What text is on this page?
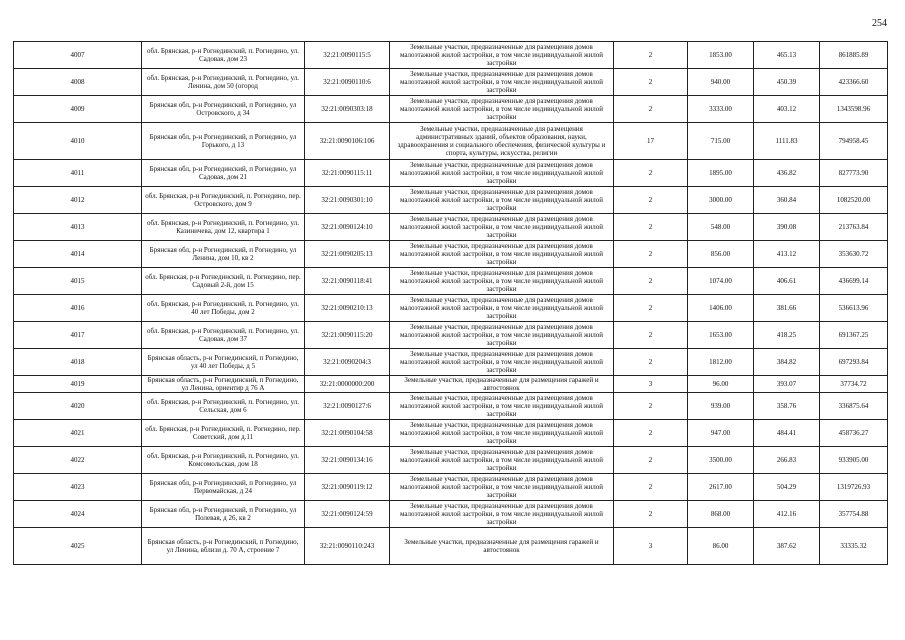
254
4007	обл. Брянская, р-н Рогнединский, п. Рогнедино, ул. Садовая, дом 23	32:21:0090115:5	Земельные участки, предназначенные для размещения домов малоэтажной жилой застройки, в том числе индивидуальной жилой застройки	2	1853.00	465.13	861885.89
4008	обл. Брянская, р-н Рогнединский, п. Рогнедино, ул. Ленина, дом 50 (огород	32:21:0090110:6	Земельные участки, предназначенные для размещения домов малоэтажной жилой застройки, в том числе индивидуальной жилой застройки	2	940.00	450.39	423366.60
4009	Брянская обл, р-н Рогнединский, п Рогнедино, ул Островского, д 34	32:21:0090303:18	Земельные участки, предназначенные для размещения домов малоэтажной жилой застройки, в том числе индивидуальной жилой застройки	2	3333.00	403.12	1343598.96
4010	Брянская обл, р-н Рогнединский, п Рогнедино, ул Горького, д 13	32:21:0090106:106	Земельные участки, предназначенные для размещения административных зданий, объектов образования, науки, здравоохранения и социального обеспечения, физической культуры и спорта, культуры, искусства, религии	17	715.00	1111.83	794958.45
4011	Брянская обл, р-н Рогнединский, п Рогнедино, ул Садовая, дом 21	32:21:0090115:11	Земельные участки, предназначенные для размещения домов малоэтажной жилой застройки, в том числе индивидуальной жилой застройки	2	1895.00	436.82	827773.90
4012	обл. Брянская, р-н Рогнединский, п. Рогнедино, пер. Островского, дом 9	32:21:0090301:10	Земельные участки, предназначенные для размещения домов малоэтажной жилой застройки, в том числе индивидуальной жилой застройки	2	3000.00	360.84	1082520.00
4013	обл. Брянская, р-н Рогнединский, п. Рогнедино, ул. Казиничева, дом 12, квартира 1	32:21:0090124:10	Земельные участки, предназначенные для размещения домов малоэтажной жилой застройки, в том числе индивидуальной жилой застройки	2	548.00	390.08	213763.84
4014	Брянская обл, р-н Рогнединский, п Рогнедино, ул Ленина, дом 10, кв 2	32:21:0090205:13	Земельные участки, предназначенные для размещения домов малоэтажной жилой застройки, в том числе индивидуальной жилой застройки	2	856.00	413.12	353630.72
4015	обл. Брянская, р-н Рогнединский, п. Рогнедино, пер. Садовый 2-й, дом 15	32:21:0090118:41	Земельные участки, предназначенные для размещения домов малоэтажной жилой застройки, в том числе индивидуальной жилой застройки	2	1074.00	406.61	436699.14
4016	обл. Брянская, р-н Рогнединский, п. Рогнедино, ул. 40 лет Победы, дом 2	32:21:0090210:13	Земельные участки, предназначенные для размещения домов малоэтажной жилой застройки, в том числе индивидуальной жилой застройки	2	1406.00	381.66	536613.96
4017	обл. Брянская, р-н Рогнединский, п. Рогнедино, ул. Садовая, дом 37	32:21:0090115:20	Земельные участки, предназначенные для размещения домов малоэтажной жилой застройки, в том числе индивидуальной жилой застройки	2	1653.00	418.25	691367.25
4018	Брянская область, р-н Рогнединский, п Рогнедино, ул 40 лет Победы, д 5	32:21:0090204:3	Земельные участки, предназначенные для размещения домов малоэтажной жилой застройки, в том числе индивидуальной жилой застройки	2	1812.00	384.82	697293.84
4019	Брянская область, р-н Рогнединский, п Рогнедино, ул Ленина, ориентир д 76 А	32:21:0000000:200	Земельные участки, предназначенные для размещения гаражей и автостоянок	3	96.00	393.07	37734.72
4020	обл. Брянская, р-н Рогнединский, п. Рогнедино, ул. Сельская, дом 6	32:21:0090127:6	Земельные участки, предназначенные для размещения домов малоэтажной жилой застройки, в том числе индивидуальной жилой застройки	2	939.00	358.76	336875.64
4021	обл. Брянская, р-н Рогнединский, п. Рогнедино, пер. Советский, дом д.11	32:21:0090104:58	Земельные участки, предназначенные для размещения домов малоэтажной жилой застройки, в том числе индивидуальной жилой застройки	2	947.00	484.41	458736.27
4022	обл. Брянская, р-н Рогнединский, п. Рогнедино, ул. Комсомольская, дом 18	32:21:0090134:16	Земельные участки, предназначенные для размещения домов малоэтажной жилой застройки, в том числе индивидуальной жилой застройки	2	3500.00	266.83	933905.00
4023	Брянская обл, р-н Рогнединский, п Рогнедино, ул Первомайская, д 24	32:21:0090119:12	Земельные участки, предназначенные для размещения домов малоэтажной жилой застройки, в том числе индивидуальной жилой застройки	2	2617.00	504.29	1319726.93
4024	Брянская обл, р-н Рогнединский, п Рогнедино, ул Полевая, д 26, кв 2	32:21:0090124:59	Земельные участки, предназначенные для размещения домов малоэтажной жилой застройки, в том числе индивидуальной жилой застройки	2	868.00	412.16	357754.88
4025	Брянская область, р-н Рогнединский, п Рогнедино, ул Ленина, вблизи д. 70 А, строение 7	32:21:0090110:243	Земельные участки, предназначенные для размещения гаражей и автостоянок	3	86.00	387.62	33335.32
